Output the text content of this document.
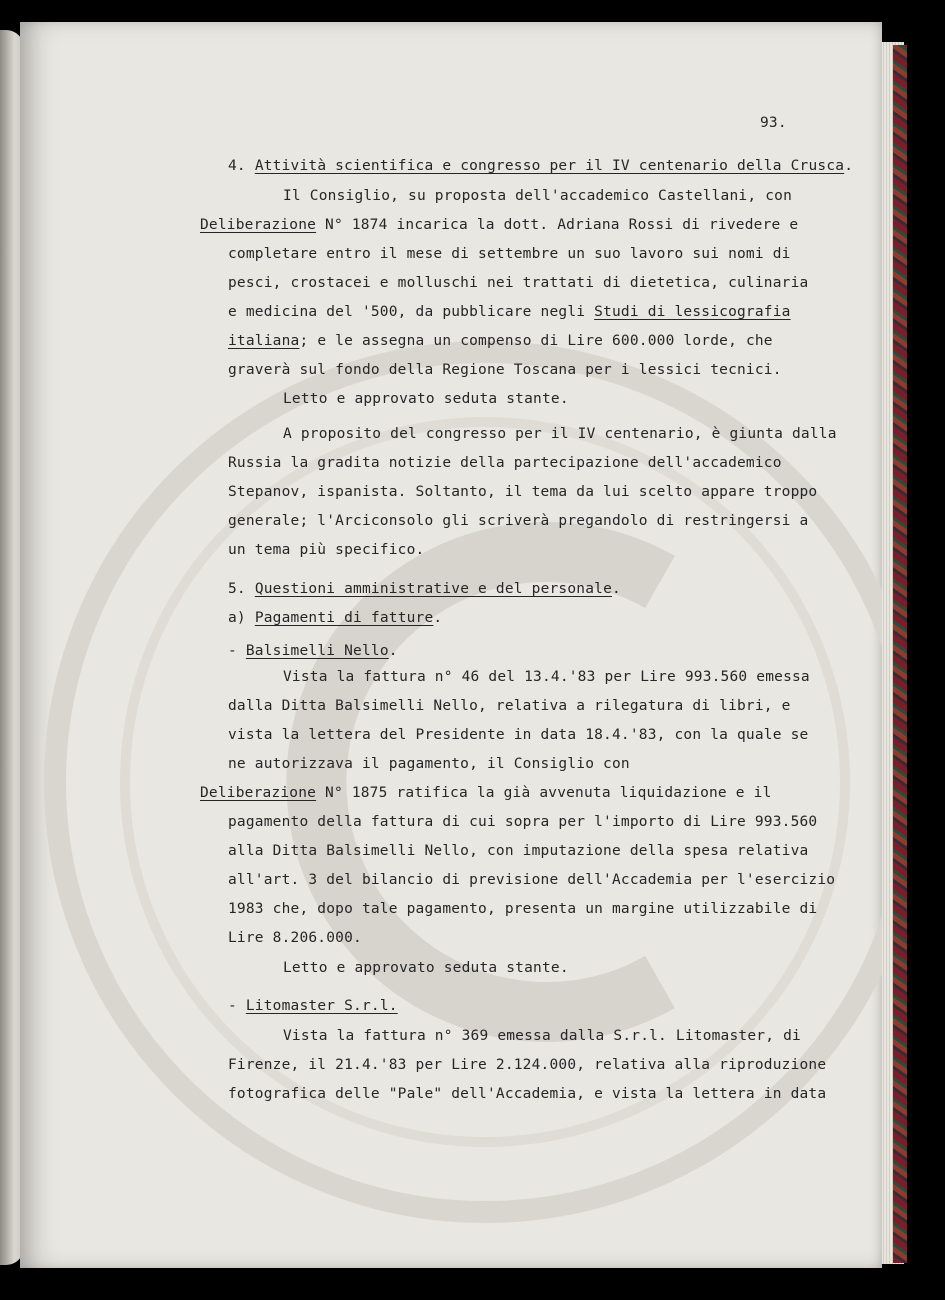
93.
4. Attività scientifica e congresso per il IV centenario della Crusca.
Il Consiglio, su proposta dell'accademico Castellani, con
Deliberazione N° 1874 incarica la dott. Adriana Rossi di rivedere e
completare entro il mese di settembre un suo lavoro sui nomi di
pesci, crostacei e molluschi nei trattati di dietetica, culinaria
e medicina del '500, da pubblicare negli Studi di lessicografia
italiana; e le assegna un compenso di Lire 600.000 lorde, che
graverà sul fondo della Regione Toscana per i lessici tecnici.
Letto e approvato seduta stante.
A proposito del congresso per il IV centenario, è giunta dalla
Russia la gradita notizie della partecipazione dell'accademico
Stepanov, ispanista. Soltanto, il tema da lui scelto appare troppo
generale; l'Arciconsolo gli scriverà pregandolo di restringersi a
un tema più specifico.
5. Questioni amministrative e del personale.
a) Pagamenti di fatture.
- Balsimelli Nello.
Vista la fattura n° 46 del 13.4.'83 per Lire 993.560 emessa
dalla Ditta Balsimelli Nello, relativa a rilegatura di libri, e
vista la lettera del Presidente in data 18.4.'83, con la quale se
ne autorizzava il pagamento, il Consiglio con
Deliberazione N° 1875 ratifica la già avvenuta liquidazione e il
pagamento della fattura di cui sopra per l'importo di Lire 993.560
alla Ditta Balsimelli Nello, con imputazione della spesa relativa
all'art. 3 del bilancio di previsione dell'Accademia per l'esercizio
1983 che, dopo tale pagamento, presenta un margine utilizzabile di
Lire 8.206.000.
Letto e approvato seduta stante.
- Litomaster S.r.l.
Vista la fattura n° 369 emessa dalla S.r.l. Litomaster, di
Firenze, il 21.4.'83 per Lire 2.124.000, relativa alla riproduzione
fotografica delle "Pale" dell'Accademia, e vista la lettera in data
